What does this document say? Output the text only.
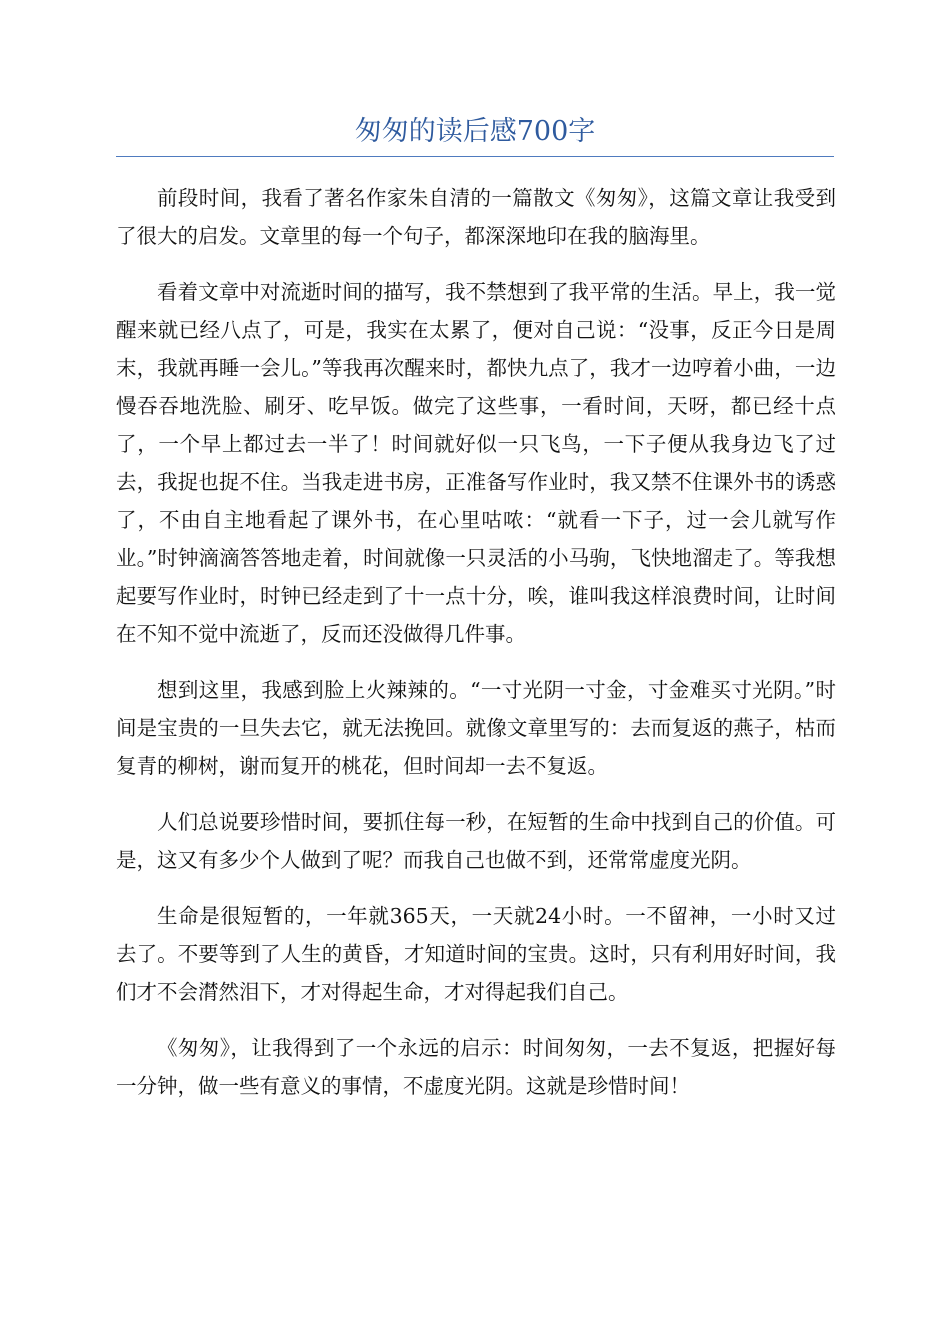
匆匆的读后感700字

前段时间，我看了著名作家朱自清的一篇散文《匆匆》，这篇文章让我受到了很大的启发。文章里的每一个句子，都深深地印在我的脑海里。

看着文章中对流逝时间的描写，我不禁想到了我平常的生活。早上，我一觉醒来就已经八点了，可是，我实在太累了，便对自己说：“没事，反正今日是周末，我就再睡一会儿。”等我再次醒来时，都快九点了，我才一边哼着小曲，一边慢吞吞地洗脸、刷牙、吃早饭。做完了这些事，一看时间，天呀，都已经十点了，一个早上都过去一半了！时间就好似一只飞鸟，一下子便从我身边飞了过去，我捉也捉不住。当我走进书房，正准备写作业时，我又禁不住课外书的诱惑了，不由自主地看起了课外书，在心里咕哝：“就看一下子，过一会儿就写作业。”时钟滴滴答答地走着，时间就像一只灵活的小马驹，飞快地溜走了。等我想起要写作业时，时钟已经走到了十一点十分，唉，谁叫我这样浪费时间，让时间在不知不觉中流逝了，反而还没做得几件事。

想到这里，我感到脸上火辣辣的。“一寸光阴一寸金，寸金难买寸光阴。”时间是宝贵的一旦失去它，就无法挽回。就像文章里写的：去而复返的燕子，枯而复青的柳树，谢而复开的桃花，但时间却一去不复返。

人们总说要珍惜时间，要抓住每一秒，在短暂的生命中找到自己的价值。可是，这又有多少个人做到了呢？而我自己也做不到，还常常虚度光阴。

生命是很短暂的，一年就365天，一天就24小时。一不留神，一小时又过去了。不要等到了人生的黄昏，才知道时间的宝贵。这时，只有利用好时间，我们才不会潸然泪下，才对得起生命，才对得起我们自己。

《匆匆》，让我得到了一个永远的启示：时间匆匆，一去不复返，把握好每一分钟，做一些有意义的事情，不虚度光阴。这就是珍惜时间！
